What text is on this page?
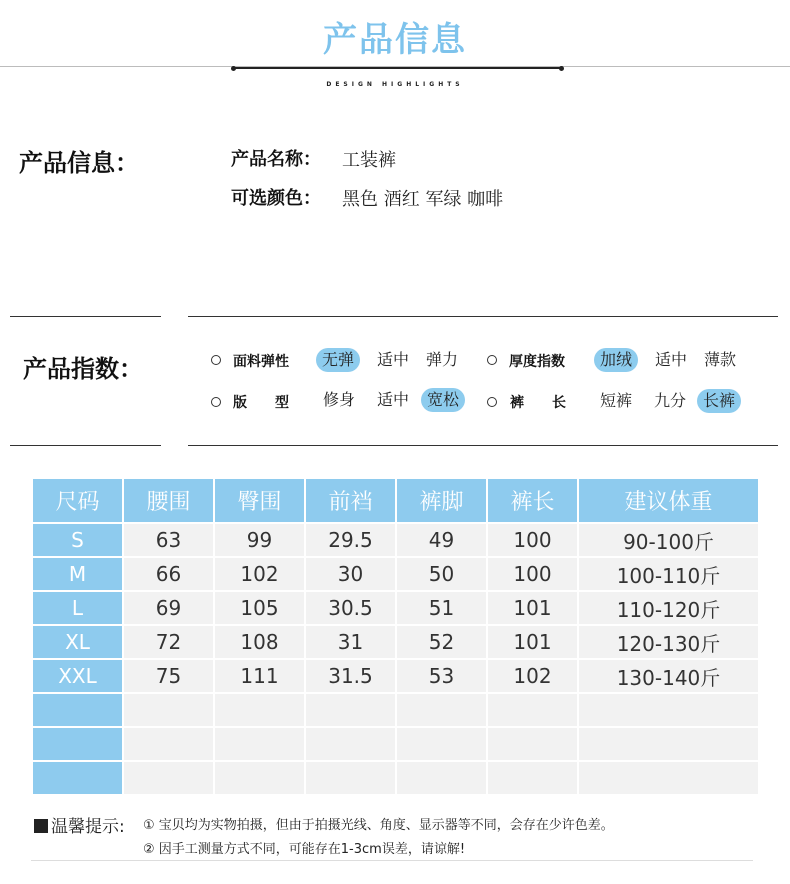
产品信息
DESIGN HIGHLIGHTS
产品信息：	产品名称： 工装裤
可选颜色： 黑色 酒红 军绿 咖啡
产品指数：	面料弹性	无弹	适中	弹力	厚度指数	加绒	适中	薄款
版　　型	修身	适中	宽松	裤　　长	短裤	九分	长裤
尺码	腰围	臀围	前裆	裤脚	裤长	建议体重
S	63	99	29.5	49	100	90-100斤
M	66	102	30	50	100	100-110斤
L	69	105	30.5	51	101	110-120斤
XL	72	108	31	52	101	120-130斤
XXL	75	111	31.5	53	102	130-140斤

温馨提示: ① 宝贝均为实物拍摄，但由于拍摄光线、角度、显示器等不同，会存在少许色差。
② 因手工测量方式不同，可能存在1-3cm误差，请谅解!
